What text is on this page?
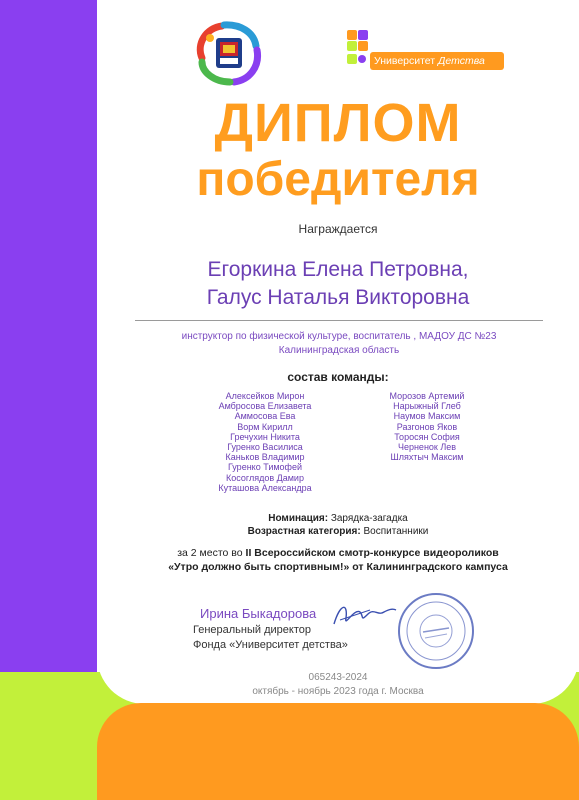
Университет Детства
ДИПЛОМ
победителя
Награждается
Егоркина Елена Петровна,
Галус Наталья Викторовна
инструктор по физической культуре, воспитатель , МАДОУ ДС №23
Калининградская область
состав команды:
Алексейков Мирон
Амбросова Елизавета
Аммосова Ева
Ворм Кирилл
Гречухин Никита
Гуренко Василиса
Каньков Владимир
Гуренко Тимофей
Косоглядов Дамир
Куташова Александра
Морозов Артемий
Нарыжный Глеб
Наумов Максим
Разгонов Яков
Торосян София
Черненок Лев
Шляхтыч Максим
Номинация: Зарядка-загадка
Возрастная категория: Воспитанники
за 2 место во II Всероссийском смотр-конкурсе видеороликов
«Утро должно быть спортивным!» от Калининградского кампуса
Ирина Быкадорова
Генеральный директор
Фонда «Университет детства»
065243-2024
октябрь - ноябрь 2023 года г. Москва
